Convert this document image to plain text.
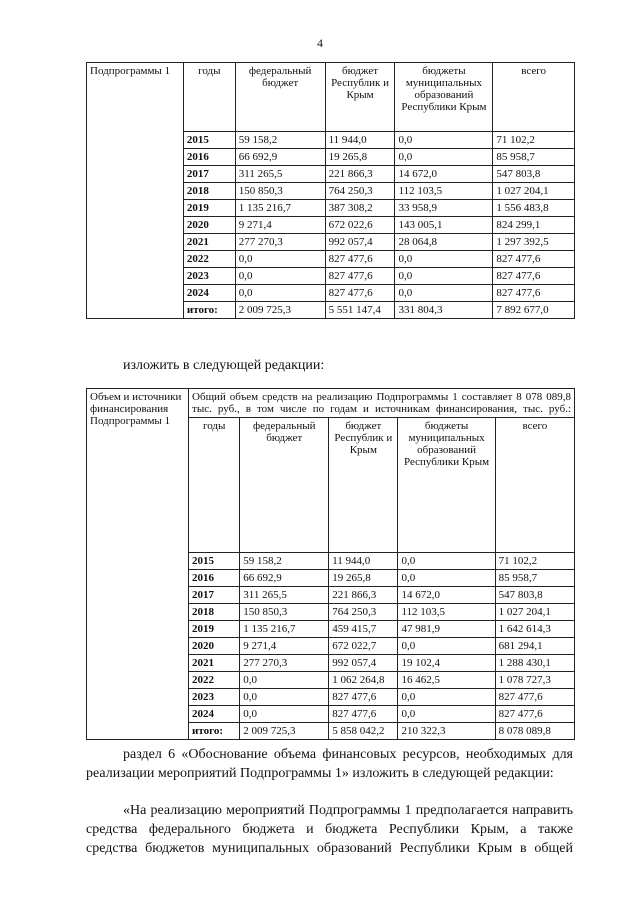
4
Подпрограммы 1	годы	федеральный бюджет	бюджет Республик и Крым	бюджеты муниципальных образований Республики Крым	всего
	2015	59 158,2	11 944,0	0,0	71 102,2
	2016	66 692,9	19 265,8	0,0	85 958,7
	2017	311 265,5	221 866,3	14 672,0	547 803,8
	2018	150 850,3	764 250,3	112 103,5	1 027 204,1
	2019	1 135 216,7	387 308,2	33 958,9	1 556 483,8
	2020	9 271,4	672 022,6	143 005,1	824 299,1
	2021	277 270,3	992 057,4	28 064,8	1 297 392,5
	2022	0,0	827 477,6	0,0	827 477,6
	2023	0,0	827 477,6	0,0	827 477,6
	2024	0,0	827 477,6	0,0	827 477,6
	итого:	2 009 725,3	5 551 147,4	331 804,3	7 892 677,0
изложить в следующей редакции:
Объем и источники финансирования Подпрограммы 1	Общий объем средств на реализацию Подпрограммы 1 составляет 8 078 089,8 тыс. руб., в том числе по годам и источникам финансирования, тыс. руб.:				
	годы	федеральный бюджет	бюджет Республик и Крым	бюджеты муниципальных образований Республики Крым	всего
	2015	59 158,2	11 944,0	0,0	71 102,2
	2016	66 692,9	19 265,8	0,0	85 958,7
	2017	311 265,5	221 866,3	14 672,0	547 803,8
	2018	150 850,3	764 250,3	112 103,5	1 027 204,1
	2019	1 135 216,7	459 415,7	47 981,9	1 642 614,3
	2020	9 271,4	672 022,7	0,0	681 294,1
	2021	277 270,3	992 057,4	19 102,4	1 288 430,1
	2022	0,0	1 062 264,8	16 462,5	1 078 727,3
	2023	0,0	827 477,6	0,0	827 477,6
	2024	0,0	827 477,6	0,0	827 477,6
	итого:	2 009 725,3	5 858 042,2	210 322,3	8 078 089,8
раздел 6 «Обоснование объема финансовых ресурсов, необходимых для
реализации мероприятий Подпрограммы 1» изложить в следующей редакции:
«На реализацию мероприятий Подпрограммы 1 предполагается направить
средства федерального бюджета и бюджета Республики Крым, а также
средства бюджетов муниципальных образований Республики Крым в общей
